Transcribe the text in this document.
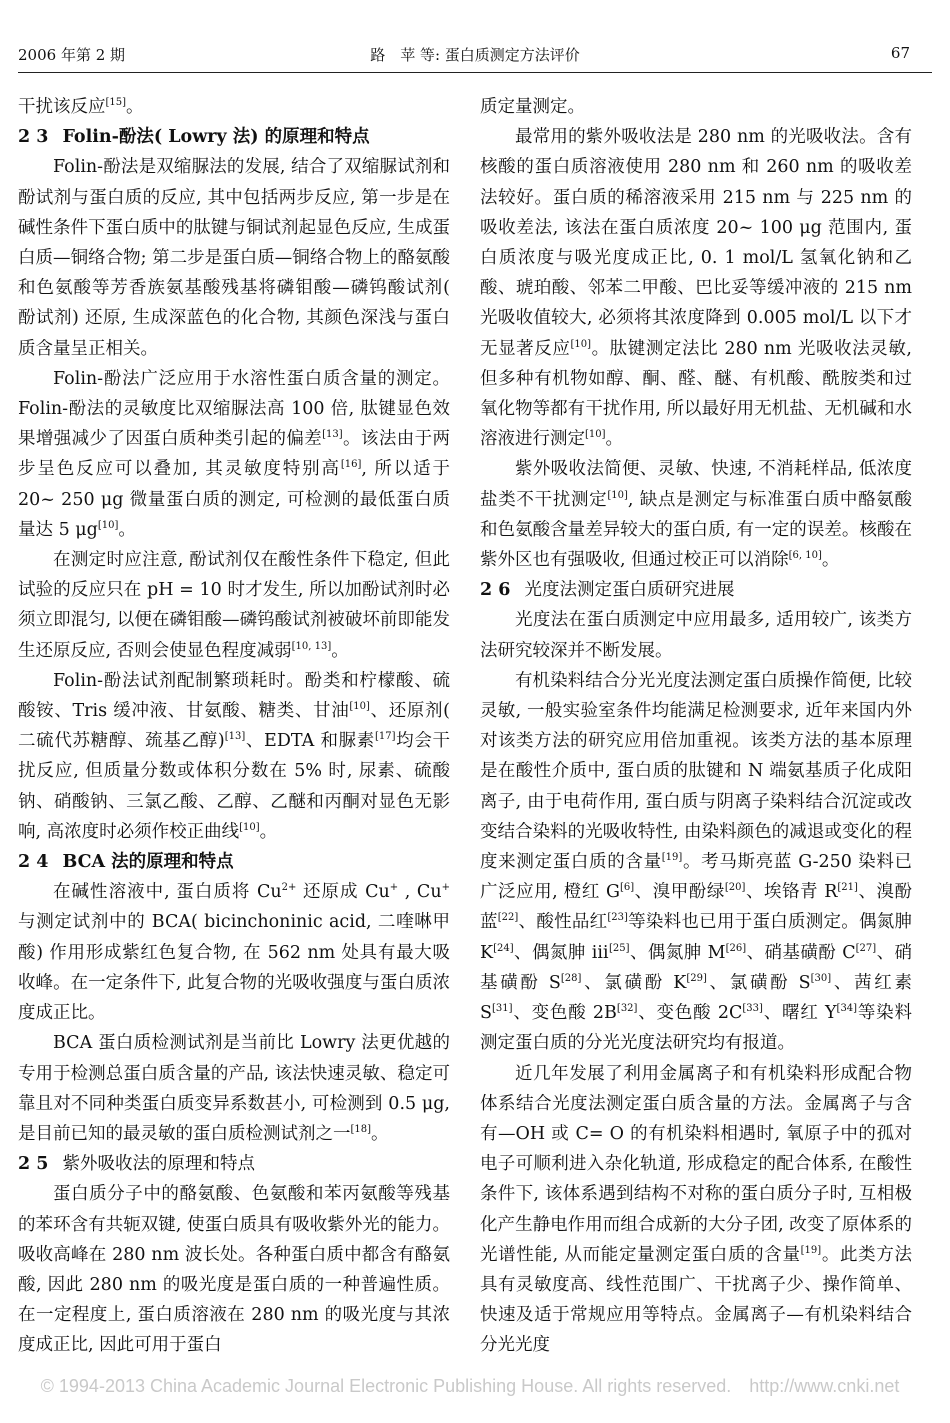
2006 年第 2 期	路　苹 等: 蛋白质测定方法评价	67

干扰该反应[15]。

2 3 Folin-酚法( Lowry 法) 的原理和特点

Folin-酚法是双缩脲法的发展, 结合了双缩脲试剂和酚试剂与蛋白质的反应, 其中包括两步反应, 第一步是在碱性条件下蛋白质中的肽键与铜试剂起显色反应, 生成蛋白质—铜络合物; 第二步是蛋白质—铜络合物上的酪氨酸和色氨酸等芳香族氨基酸残基将磷钼酸—磷钨酸试剂( 酚试剂) 还原, 生成深蓝色的化合物, 其颜色深浅与蛋白质含量呈正相关。

Folin-酚法广泛应用于水溶性蛋白质含量的测定。Folin-酚法的灵敏度比双缩脲法高 100 倍, 肽键显色效果增强减少了因蛋白质种类引起的偏差[13]。该法由于两步呈色反应可以叠加, 其灵敏度特别高[16], 所以适于 20~ 250 μg 微量蛋白质的测定, 可检测的最低蛋白质量达 5 μg[10]。

在测定时应注意, 酚试剂仅在酸性条件下稳定, 但此试验的反应只在 pH = 10 时才发生, 所以加酚试剂时必须立即混匀, 以便在磷钼酸—磷钨酸试剂被破坏前即能发生还原反应, 否则会使显色程度减弱[10, 13]。

Folin-酚法试剂配制繁琐耗时。酚类和柠檬酸、硫酸铵、Tris 缓冲液、甘氨酸、糖类、甘油[10]、还原剂( 二硫代苏糖醇、巯基乙醇)[13]、EDTA 和脲素[17]均会干扰反应, 但质量分数或体积分数在 5% 时, 尿素、硫酸钠、硝酸钠、三氯乙酸、乙醇、乙醚和丙酮对显色无影响, 高浓度时必须作校正曲线[10]。

2 4 BCA 法的原理和特点

在碱性溶液中, 蛋白质将 $Cu^{2+}$ 还原成 Cu+ , Cu+ 与测定试剂中的 BCA( bicinchoninic acid, 二喹啉甲酸) 作用形成紫红色复合物, 在 562 nm 处具有最大吸收峰。在一定条件下, 此复合物的光吸收强度与蛋白质浓度成正比。

BCA 蛋白质检测试剂是当前比 Lowry 法更优越的专用于检测总蛋白质含量的产品, 该法快速灵敏、稳定可靠且对不同种类蛋白质变异系数甚小, 可检测到 0.5 μg, 是目前已知的最灵敏的蛋白质检测试剂之一[18]。

2 5 紫外吸收法的原理和特点

蛋白质分子中的酪氨酸、色氨酸和苯丙氨酸等残基的苯环含有共轭双键, 使蛋白质具有吸收紫外光的能力。吸收高峰在 280 nm 波长处。各种蛋白质中都含有酪氨酸, 因此 280 nm 的吸光度是蛋白质的一种普遍性质。在一定程度上, 蛋白质溶液在 280 nm 的吸光度与其浓度成正比, 因此可用于蛋白

质定量测定。

最常用的紫外吸收法是 280 nm 的光吸收法。含有核酸的蛋白质溶液使用 280 nm 和 260 nm 的吸收差法较好。蛋白质的稀溶液采用 215 nm 与 225 nm 的吸收差法, 该法在蛋白质浓度 20~ 100 μg 范围内, 蛋白质浓度与吸光度成正比, 0. 1 mol/L 氢氧化钠和乙酸、琥珀酸、邻苯二甲酸、巴比妥等缓冲液的 215 nm 光吸收值较大, 必须将其浓度降到 0.005 mol/L 以下才无显著反应[10]。肽键测定法比 280 nm 光吸收法灵敏, 但多种有机物如醇、酮、醛、醚、有机酸、酰胺类和过氧化物等都有干扰作用, 所以最好用无机盐、无机碱和水溶液进行测定[10]。

紫外吸收法简便、灵敏、快速, 不消耗样品, 低浓度盐类不干扰测定[10], 缺点是测定与标准蛋白质中酪氨酸和色氨酸含量差异较大的蛋白质, 有一定的误差。核酸在紫外区也有强吸收, 但通过校正可以消除[6, 10]。

2 6 光度法测定蛋白质研究进展

光度法在蛋白质测定中应用最多, 适用较广, 该类方法研究较深并不断发展。

有机染料结合分光光度法测定蛋白质操作简便, 比较灵敏, 一般实验室条件均能满足检测要求, 近年来国内外对该类方法的研究应用倍加重视。该类方法的基本原理是在酸性介质中, 蛋白质的肽键和 N 端氨基质子化成阳离子, 由于电荷作用, 蛋白质与阴离子染料结合沉淀或改变结合染料的光吸收特性, 由染料颜色的减退或变化的程度来测定蛋白质的含量[19]。考马斯亮蓝 G-250 染料已广泛应用, 橙红 G[6]、溴甲酚绿[20]、埃铬青 R[21]、溴酚蓝[22]、酸性品红[23]等染料也已用于蛋白质测定。偶氮胂 K[24]、偶氮胂 ⅲ[25]、偶氮胂 M[26]、硝基磺酚 C[27]、硝基磺酚 S[28]、氯磺酚 K[29]、氯磺酚 S[30]、茜红素 S[31]、变色酸 2B[32]、变色酸 2C[33]、曙红 Y[34]等染料测定蛋白质的分光光度法研究均有报道。

近几年发展了利用金属离子和有机染料形成配合物体系结合光度法测定蛋白质含量的方法。金属离子与含有—OH 或 C= O 的有机染料相遇时, 氧原子中的孤对电子可顺利进入杂化轨道, 形成稳定的配合体系, 在酸性条件下, 该体系遇到结构不对称的蛋白质分子时, 互相极化产生静电作用而组合成新的大分子团, 改变了原体系的光谱性能, 从而能定量测定蛋白质的含量[19]。此类方法具有灵敏度高、线性范围广、干扰离子少、操作简单、快速及适于常规应用等特点。金属离子—有机染料结合分光光度

© 1994-2013 China Academic Journal Electronic Publishing House. All rights reserved.　http://www.cnki.net
